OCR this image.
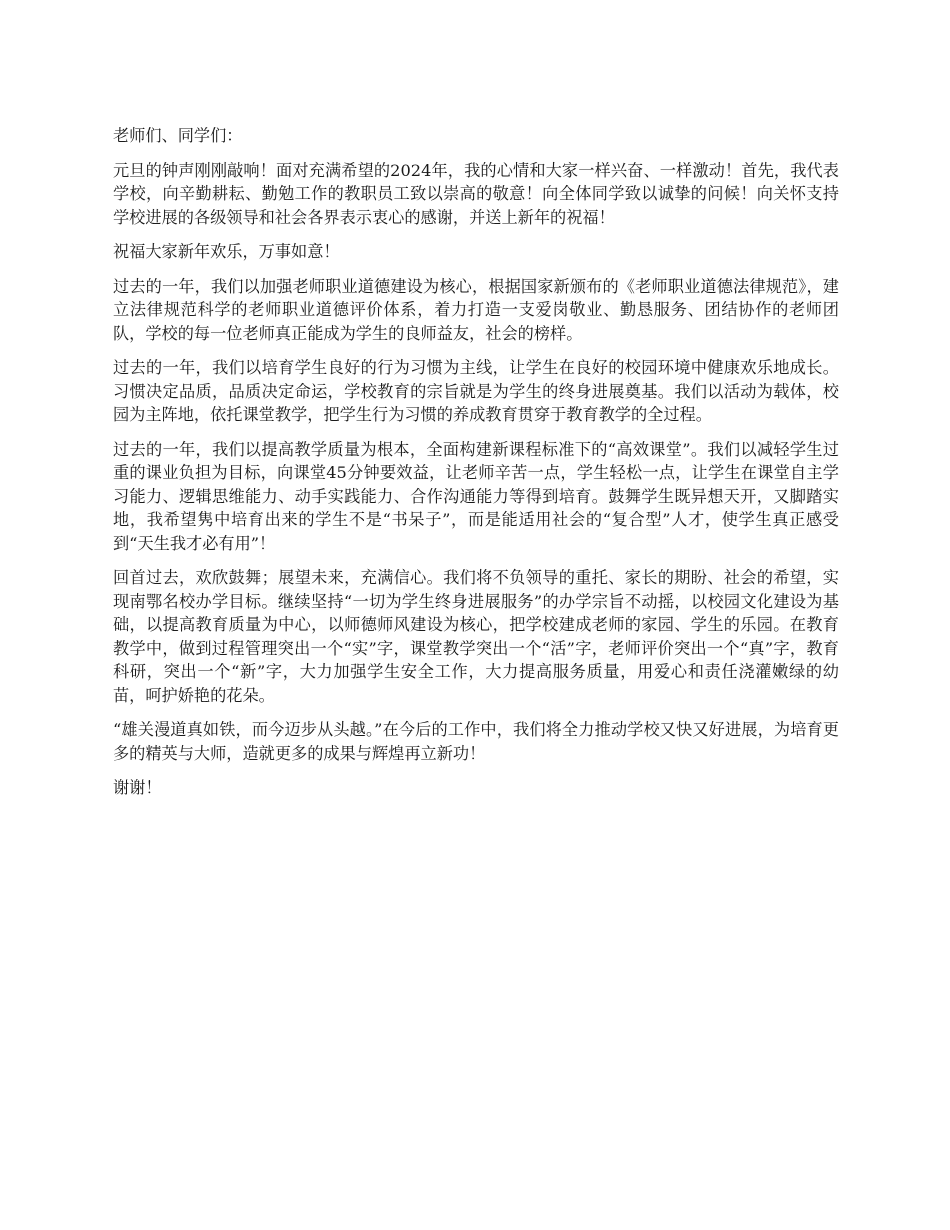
老师们、同学们：

元旦的钟声刚刚敲响！面对充满希望的2024年，我的心情和大家一样兴奋、一样激动！首先，我代表学校，向辛勤耕耘、勤勉工作的教职员工致以崇高的敬意！向全体同学致以诚挚的问候！向关怀支持学校进展的各级领导和社会各界表示衷心的感谢，并送上新年的祝福！

祝福大家新年欢乐，万事如意！

过去的一年，我们以加强老师职业道德建设为核心，根据国家新颁布的《老师职业道德法律规范》，建立法律规范科学的老师职业道德评价体系，着力打造一支爱岗敬业、勤恳服务、团结协作的老师团队，学校的每一位老师真正能成为学生的良师益友，社会的榜样。

过去的一年，我们以培育学生良好的行为习惯为主线，让学生在良好的校园环境中健康欢乐地成长。习惯决定品质，品质决定命运，学校教育的宗旨就是为学生的终身进展奠基。我们以活动为载体，校园为主阵地，依托课堂教学，把学生行为习惯的养成教育贯穿于教育教学的全过程。

过去的一年，我们以提高教学质量为根本，全面构建新课程标准下的“高效课堂”。我们以减轻学生过重的课业负担为目标，向课堂45分钟要效益，让老师辛苦一点，学生轻松一点，让学生在课堂自主学习能力、逻辑思维能力、动手实践能力、合作沟通能力等得到培育。鼓舞学生既异想天开，又脚踏实地，我希望隽中培育出来的学生不是“书呆子”，而是能适用社会的“复合型”人才，使学生真正感受到“天生我才必有用”！

回首过去，欢欣鼓舞；展望未来，充满信心。我们将不负领导的重托、家长的期盼、社会的希望，实现南鄂名校办学目标。继续坚持“一切为学生终身进展服务”的办学宗旨不动摇，以校园文化建设为基础，以提高教育质量为中心，以师德师风建设为核心，把学校建成老师的家园、学生的乐园。在教育教学中，做到过程管理突出一个“实”字，课堂教学突出一个“活”字，老师评价突出一个“真”字，教育科研，突出一个“新”字，大力加强学生安全工作，大力提高服务质量，用爱心和责任浇灌嫩绿的幼苗，呵护娇艳的花朵。

“雄关漫道真如铁，而今迈步从头越。”在今后的工作中，我们将全力推动学校又快又好进展，为培育更多的精英与大师，造就更多的成果与辉煌再立新功！

谢谢！
